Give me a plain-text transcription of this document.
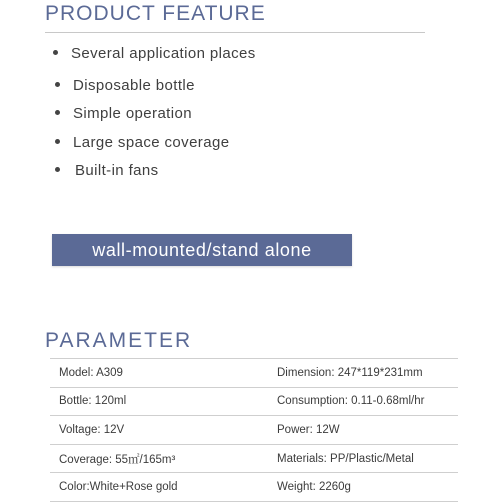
PRODUCT FEATURE
Several application places
Disposable bottle
Simple operation
Large space coverage
Built-in fans
wall-mounted/stand alone
PARAMETER
Model: A309	Dimension: 247*119*231mm
Bottle: 120ml	Consumption: 0.11-0.68ml/hr
Voltage: 12V	Power: 12W
Coverage: 55㎡/165m³	Materials: PP/Plastic/Metal
Color:White+Rose gold	Weight: 2260g
